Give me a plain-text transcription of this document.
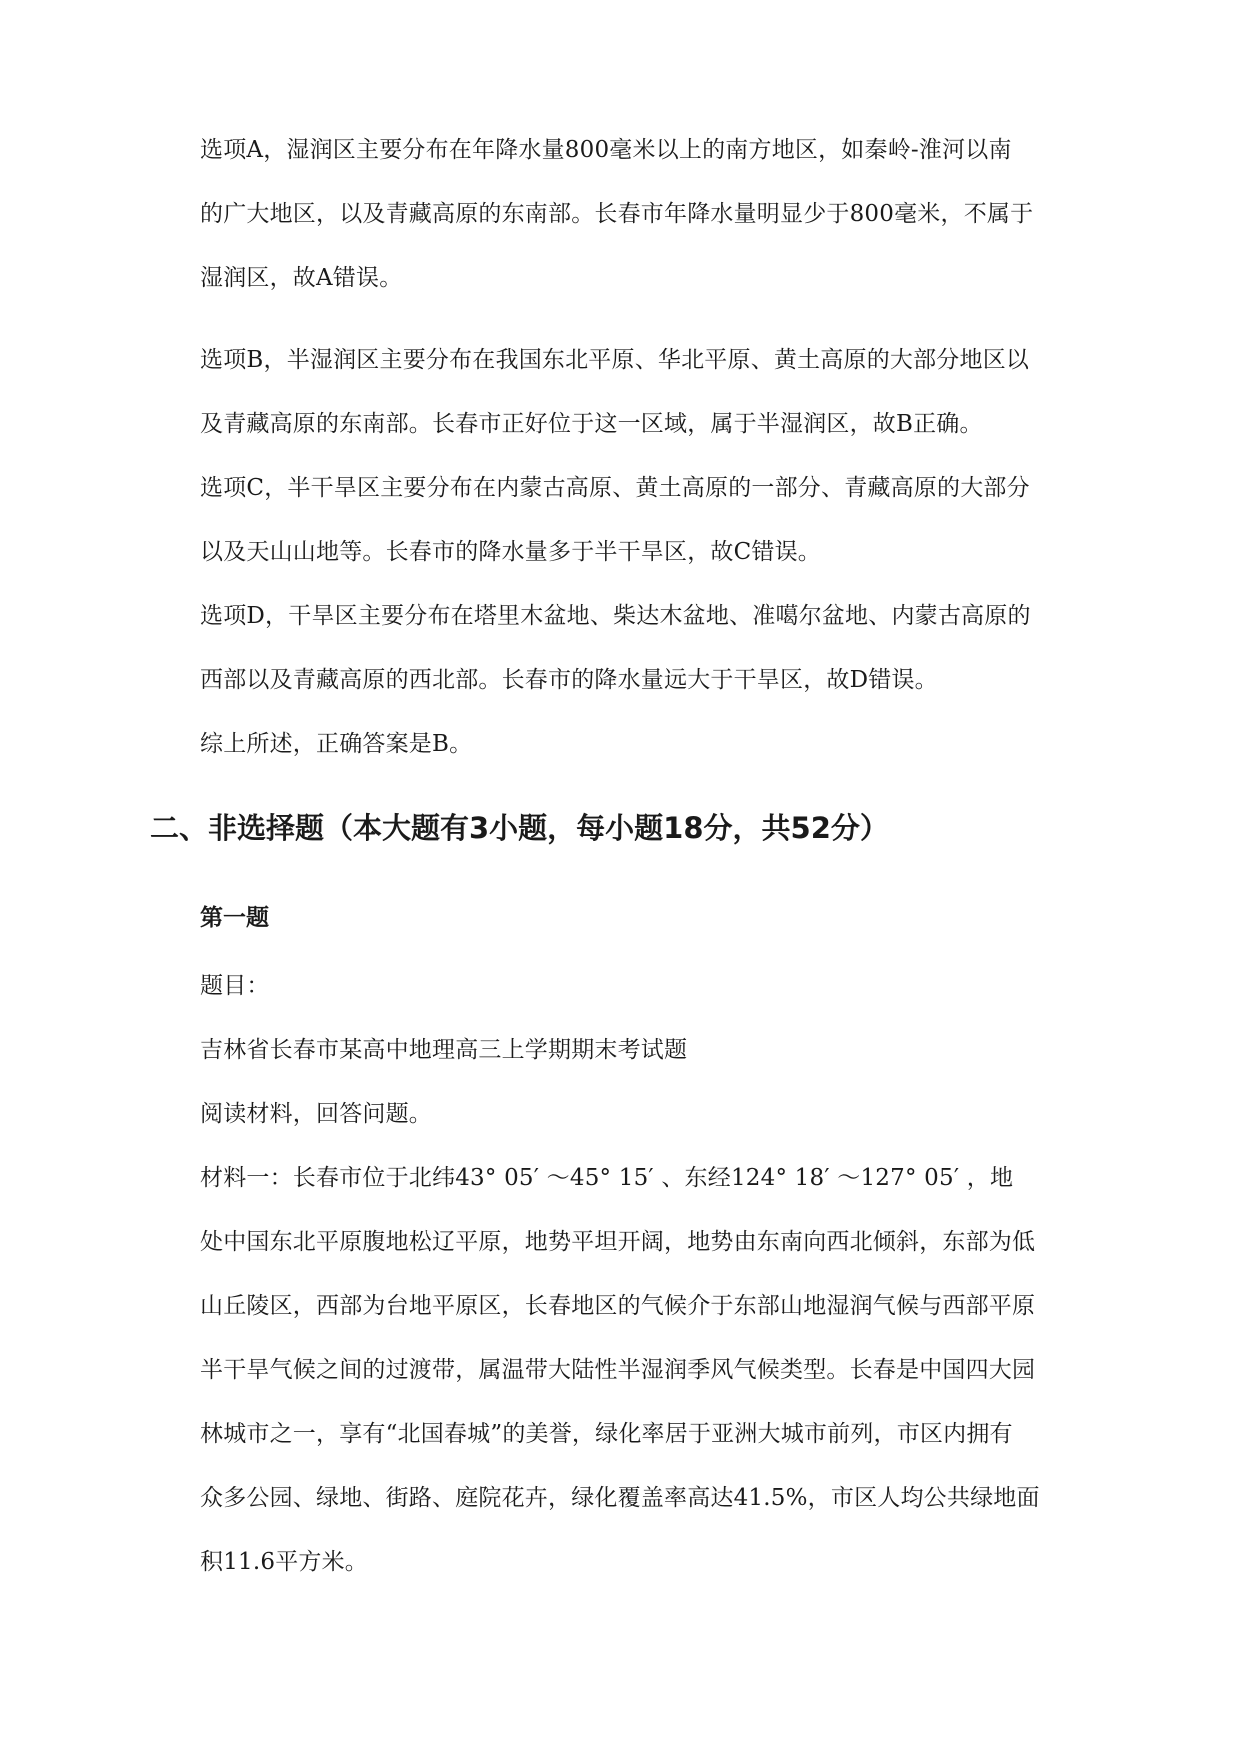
选项A，湿润区主要分布在年降水量800毫米以上的南方地区，如秦岭-淮河以南
的广大地区，以及青藏高原的东南部。长春市年降水量明显少于800毫米，不属于
湿润区，故A错误。

选项B，半湿润区主要分布在我国东北平原、华北平原、黄土高原的大部分地区以
及青藏高原的东南部。长春市正好位于这一区域，属于半湿润区，故B正确。

选项C，半干旱区主要分布在内蒙古高原、黄土高原的一部分、青藏高原的大部分
以及天山山地等。长春市的降水量多于半干旱区，故C错误。

选项D，干旱区主要分布在塔里木盆地、柴达木盆地、准噶尔盆地、内蒙古高原的
西部以及青藏高原的西北部。长春市的降水量远大于干旱区，故D错误。

综上所述，正确答案是B。

二、非选择题（本大题有3小题，每小题18分，共52分）
第一题

题目：

吉林省长春市某高中地理高三上学期期末考试题

阅读材料，回答问题。

材料一：长春市位于北纬43° 05′ ～45° 15′ 、东经124° 18′ ～127° 05′ ，地
处中国东北平原腹地松辽平原，地势平坦开阔，地势由东南向西北倾斜，东部为低
山丘陵区，西部为台地平原区，长春地区的气候介于东部山地湿润气候与西部平原
半干旱气候之间的过渡带，属温带大陆性半湿润季风气候类型。长春是中国四大园
林城市之一，享有“北国春城”的美誉，绿化率居于亚洲大城市前列，市区内拥有
众多公园、绿地、街路、庭院花卉，绿化覆盖率高达41.5%，市区人均公共绿地面
积11.6平方米。
